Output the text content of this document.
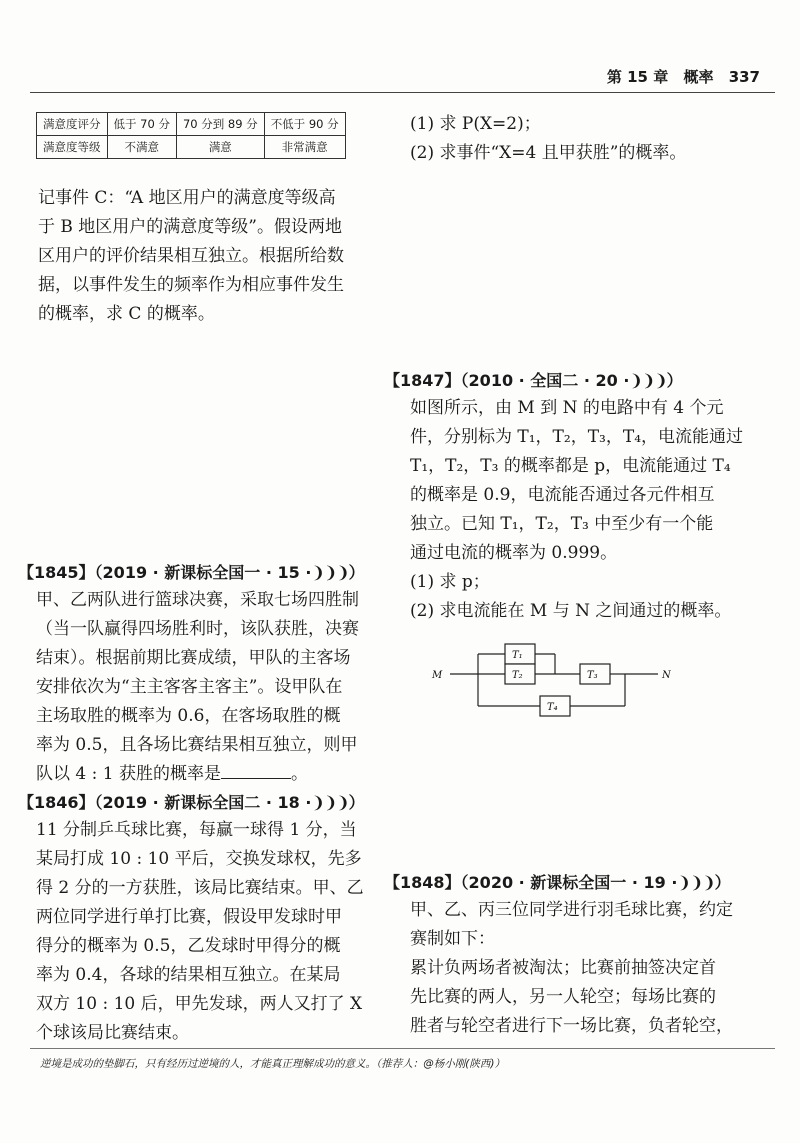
第 15 章 概率 337
满意度评分	低于 70 分	70 分到 89 分	不低于 90 分
满意度等级	不满意	满意	非常满意

记事件 C：“A 地区用户的满意度等级高

于 B 地区用户的满意度等级”。假设两地

区用户的评价结果相互独立。根据所给数

据，以事件发生的频率作为相应事件发生

的概率，求 C 的概率。

【1845】（2019 · 新课标全国一 · 15 ·❩❩❩）

甲、乙两队进行篮球决赛，采取七场四胜制

（当一队赢得四场胜利时，该队获胜，决赛

结束）。根据前期比赛成绩，甲队的主客场

安排依次为“主主客客主客主”。设甲队在

主场取胜的概率为 0.6，在客场取胜的概

率为 0.5，且各场比赛结果相互独立，则甲

队以 4 : 1 获胜的概率是	。

【1846】（2019 · 新课标全国二 · 18 ·❩❩❩）

11 分制乒乓球比赛，每赢一球得 1 分，当

某局打成 10 : 10 平后，交换发球权，先多

得 2 分的一方获胜，该局比赛结束。甲、乙

两位同学进行单打比赛，假设甲发球时甲

得分的概率为 0.5，乙发球时甲得分的概

率为 0.4，各球的结果相互独立。在某局

双方 10 : 10 后，甲先发球，两人又打了 X

个球该局比赛结束。

(1) 求 P(X=2)；

(2) 求事件“X=4 且甲获胜”的概率。

【1847】（2010 · 全国二 · 20 ·❩❩❩）

如图所示，由 M 到 N 的电路中有 4 个元

件，分别标为 T₁，T₂，T₃，T₄，电流能通过

T₁，T₂，T₃ 的概率都是 p，电流能通过 T₄

的概率是 0.9，电流能否通过各元件相互

独立。已知 T₁，T₂，T₃ 中至少有一个能

通过电流的概率为 0.999。

(1) 求 p；

(2) 求电流能在 M 与 N 之间通过的概率。

M	N
T₁
T₂	T₃
T₄

【1848】（2020 · 新课标全国一 · 19 ·❩❩❩）

甲、乙、丙三位同学进行羽毛球比赛，约定

赛制如下：

累计负两场者被淘汰；比赛前抽签决定首

先比赛的两人，另一人轮空；每场比赛的

胜者与轮空者进行下一场比赛，负者轮空，

逆境是成功的垫脚石，只有经历过逆境的人，才能真正理解成功的意义。（推荐人：@杨小刚(陕西)）
